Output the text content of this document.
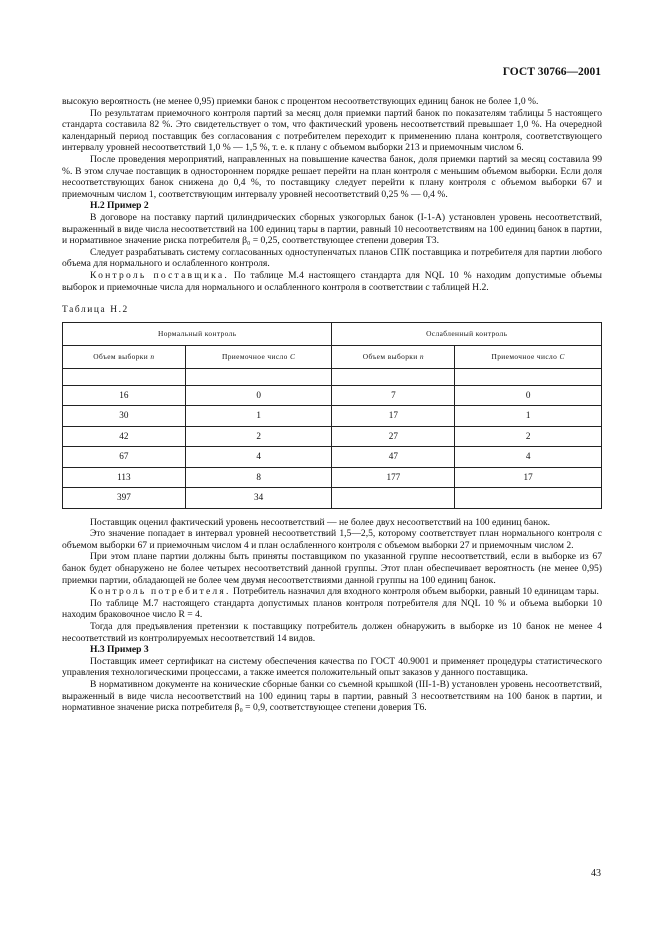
ГОСТ 30766—2001

высокую вероятность (не менее 0,95) приемки банок с процентом несоответствующих единиц банок не более 1,0 %.

По результатам приемочного контроля партий за месяц доля приемки партий банок по показателям таблицы 5 настоящего стандарта составила 82 %. Это свидетельствует о том, что фактический уровень несоответствий превышает 1,0 %. На очередной календарный период поставщик без согласования с потребителем переходит к применению плана контроля, соответствующего интервалу уровней несоответствий 1,0 % — 1,5 %, т. е. к плану с объемом выборки 213 и приемочным числом 6.

После проведения мероприятий, направленных на повышение качества банок, доля приемки партий за месяц составила 99 %. В этом случае поставщик в одностороннем порядке решает перейти на план контроля с меньшим объемом выборки. Если доля несоответствующих банок снижена до 0,4 %, то поставщику следует перейти к плану контроля с объемом выборки 67 и приемочным числом 1, соответствующим интервалу уровней несоответствий 0,25 % — 0,4 %.

Н.2 Пример 2

В договоре на поставку партий цилиндрических сборных узкогорлых банок (I-1-А) установлен уровень несоответствий, выраженный в виде числа несоответствий на 100 единиц тары в партии, равный 10 несоответствиям на 100 единиц банок в партии, и нормативное значение риска потребителя β₀ = 0,25, соответствующее степени доверия Т3.

Следует разрабатывать систему согласованных одноступенчатых планов СПК поставщика и потребителя для партии любого объема для нормального и ослабленного контроля.

Контроль поставщика. По таблице М.4 настоящего стандарта для NQL 10 % находим допустимые объемы выборок и приемочные числа для нормального и ослабленного контроля в соответствии с таблицей Н.2.

Таблица Н.2

Нормальный контроль		Ослабленный контроль	
Объем выборки n	Приемочное число C	Объем выборки n	Приемочное число C

16	0	7	0
30	1	17	1
42	2	27	2
67	4	47	4
113	8	177	17
397	34		

Поставщик оценил фактический уровень несоответствий — не более двух несоответствий на 100 единиц банок.

Это значение попадает в интервал уровней несоответствий 1,5—2,5, которому соответствует план нормального контроля с объемом выборки 67 и приемочным числом 4 и план ослабленного контроля с объемом выборки 27 и приемочным числом 2.

При этом плане партии должны быть приняты поставщиком по указанной группе несоответствий, если в выборке из 67 банок будет обнаружено не более четырех несоответствий данной группы. Этот план обеспечивает вероятность (не менее 0,95) приемки партии, обладающей не более чем двумя несоответствиями данной группы на 100 единиц банок.

Контроль потребителя. Потребитель назначил для входного контроля объем выборки, равный 10 единицам тары.

По таблице М.7 настоящего стандарта допустимых планов контроля потребителя для NQL 10 % и объема выборки 10 находим браковочное число R = 4.

Тогда для предъявления претензии к поставщику потребитель должен обнаружить в выборке из 10 банок не менее 4 несоответствий из контролируемых несоответствий 14 видов.

Н.3 Пример 3

Поставщик имеет сертификат на систему обеспечения качества по ГОСТ 40.9001 и применяет процедуры статистического управления технологическими процессами, а также имеется положительный опыт заказов у данного поставщика.

В нормативном документе на конические сборные банки со съемной крышкой (III-1-В) установлен уровень несоответствий, выраженный в виде числа несоответствий на 100 единиц тары в партии, равный 3 несоответствиям на 100 банок в партии, и нормативное значение риска потребителя β₀ = 0,9, соответствующее степени доверия Т6.

43
